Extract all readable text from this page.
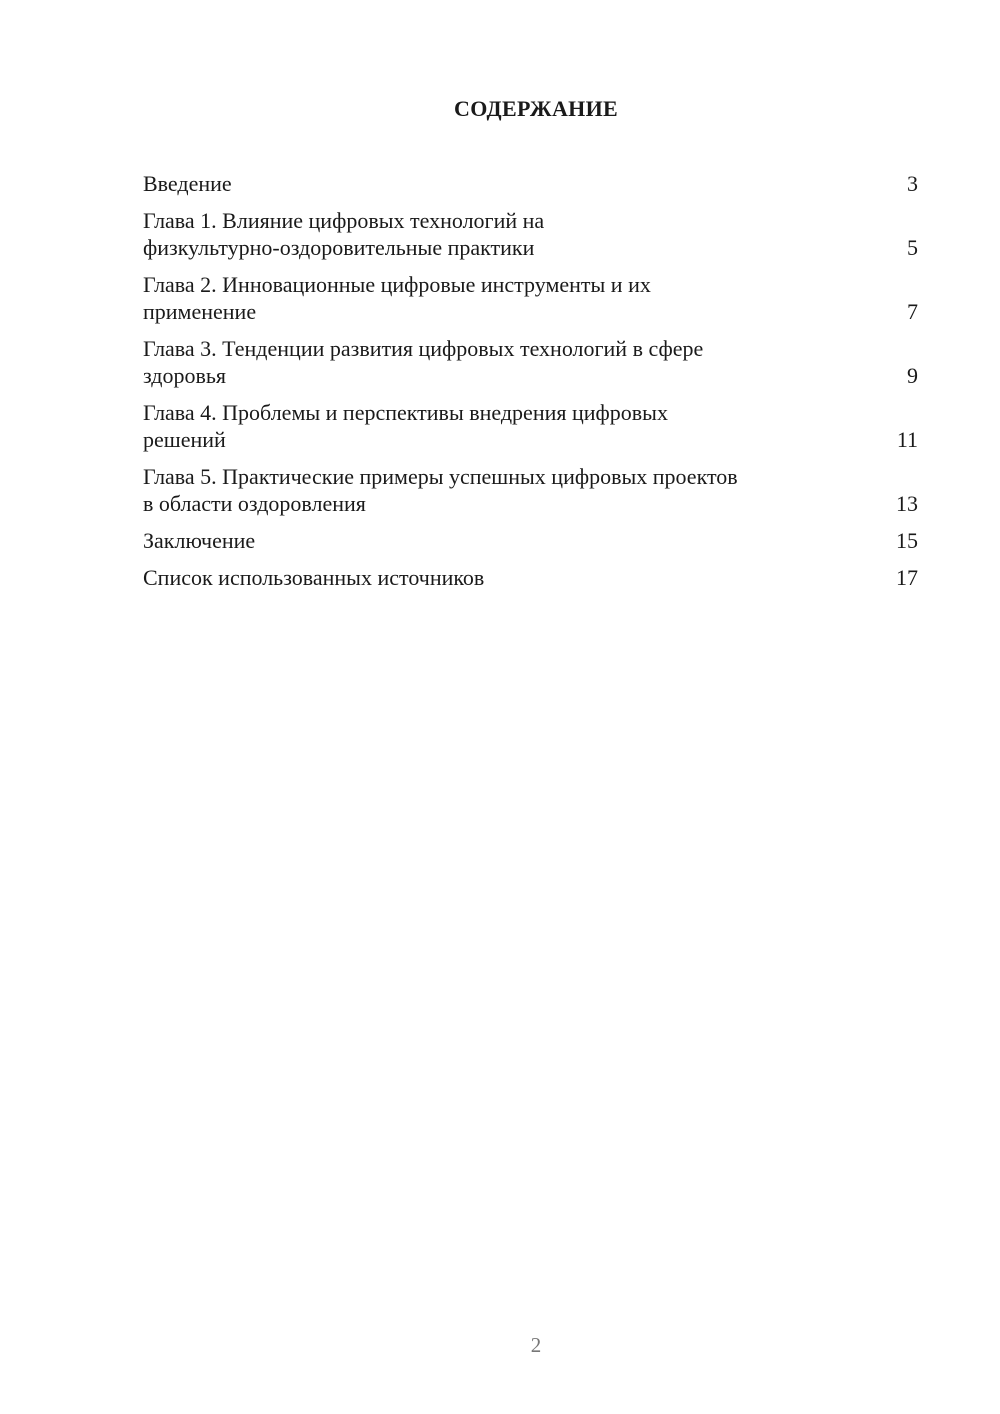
СОДЕРЖАНИЕ
Введение	3
Глава 1. Влияние цифровых технологий на
физкультурно-оздоровительные практики	5
Глава 2. Инновационные цифровые инструменты и их
применение	7
Глава 3. Тенденции развития цифровых технологий в сфере
здоровья	9
Глава 4. Проблемы и перспективы внедрения цифровых
решений	11
Глава 5. Практические примеры успешных цифровых проектов
в области оздоровления	13
Заключение	15
Список использованных источников	17
2
